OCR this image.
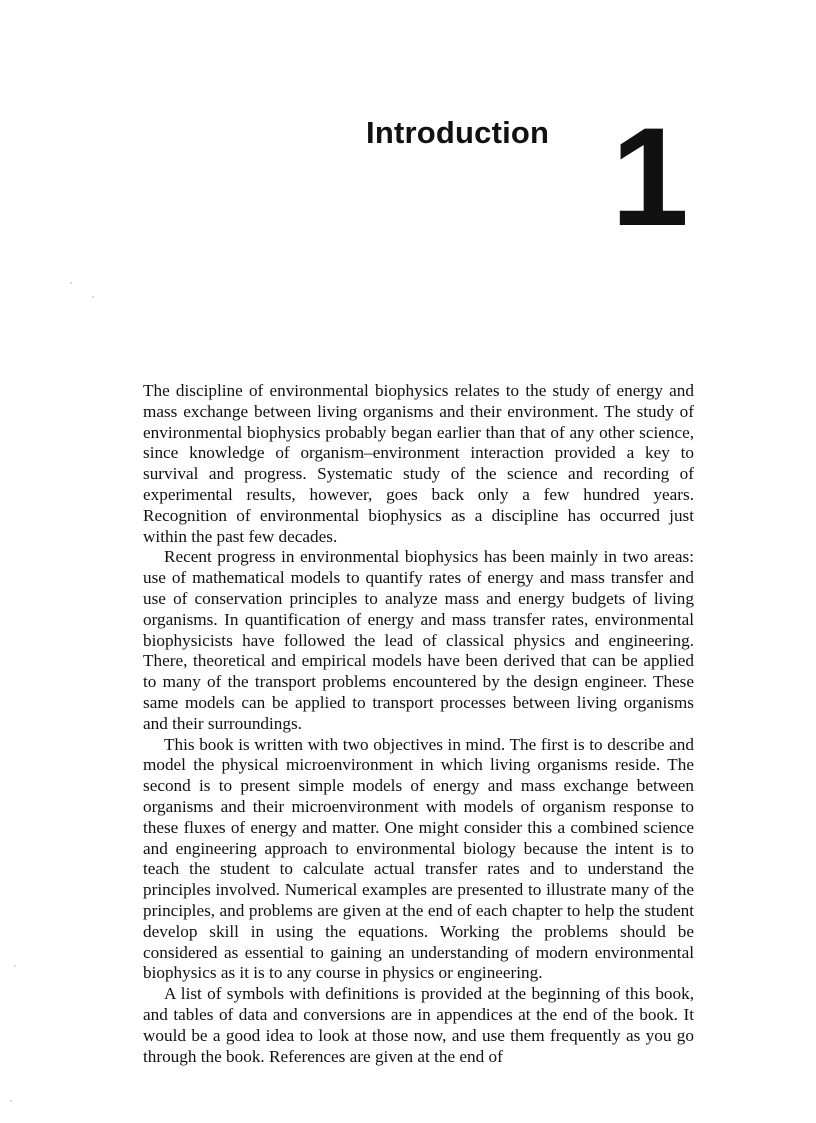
Introduction 1

The discipline of environmental biophysics relates to the study of energy and mass exchange between living organisms and their environment. The study of environmental biophysics probably began earlier than that of any other science, since knowledge of organism–environment interaction provided a key to survival and progress. Systematic study of the science and recording of experimental results, however, goes back only a few hundred years. Recognition of environmental biophysics as a discipline has occurred just within the past few decades.

Recent progress in environmental biophysics has been mainly in two areas: use of mathematical models to quantify rates of energy and mass transfer and use of conservation principles to analyze mass and energy budgets of living organisms. In quantification of energy and mass transfer rates, environmental biophysicists have followed the lead of classical physics and engineering. There, theoretical and empirical models have been derived that can be applied to many of the transport problems encountered by the design engineer. These same models can be applied to transport processes between living organisms and their surroundings.

This book is written with two objectives in mind. The first is to describe and model the physical microenvironment in which living organisms reside. The second is to present simple models of energy and mass exchange between organisms and their microenvironment with models of organism response to these fluxes of energy and matter. One might consider this a combined science and engineering approach to environmental biology because the intent is to teach the student to calculate actual transfer rates and to understand the principles involved. Numerical examples are presented to illustrate many of the principles, and problems are given at the end of each chapter to help the student develop skill in using the equations. Working the problems should be considered as essential to gaining an understanding of modern environmental biophysics as it is to any course in physics or engineering.

A list of symbols with definitions is provided at the beginning of this book, and tables of data and conversions are in appendices at the end of the book. It would be a good idea to look at those now, and use them frequently as you go through the book. References are given at the end of
